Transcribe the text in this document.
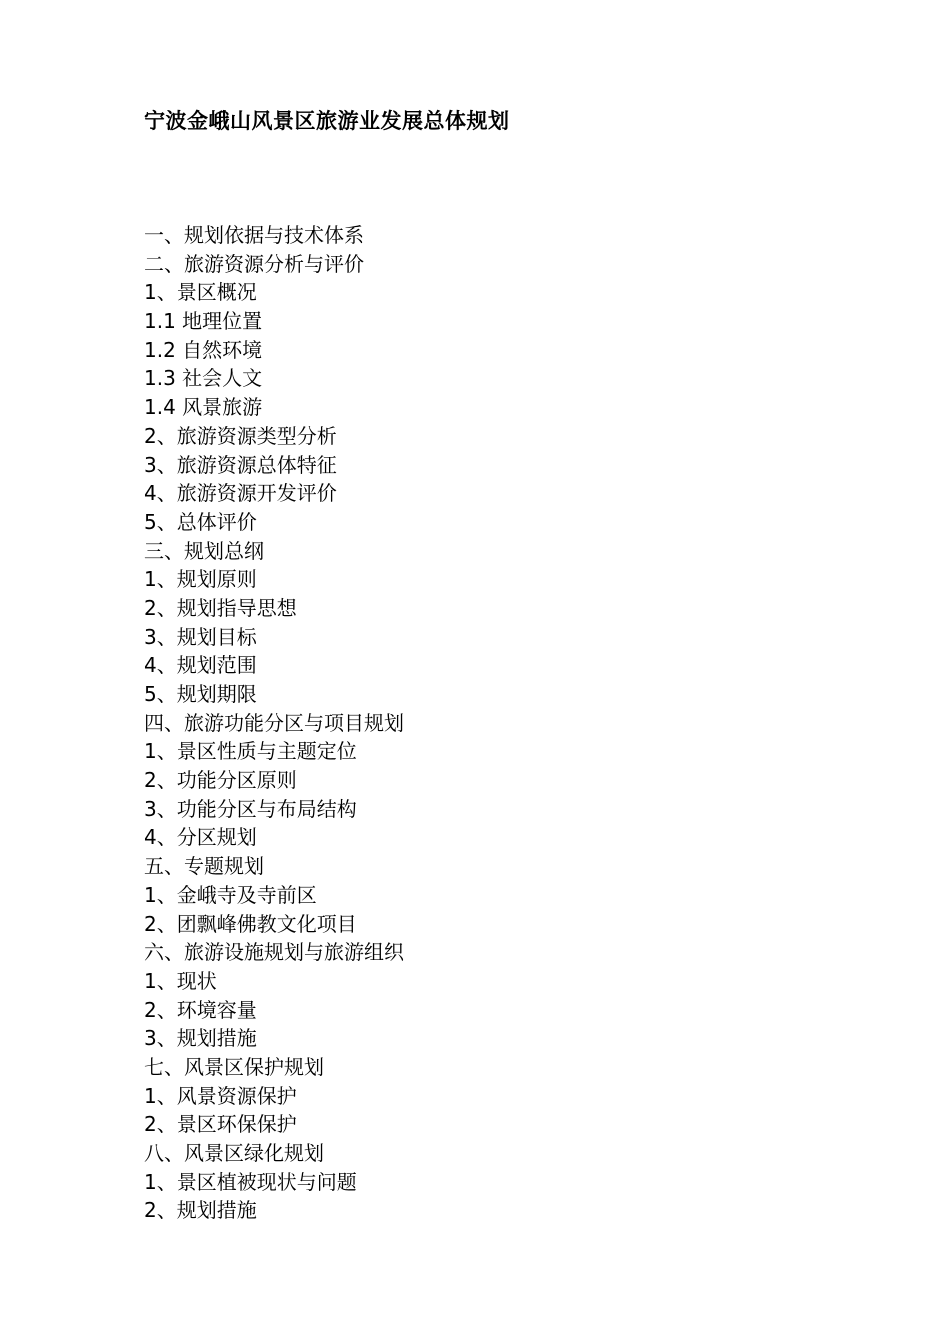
宁波金峨山风景区旅游业发展总体规划
一、规划依据与技术体系
二、旅游资源分析与评价
1、景区概况
1.1 地理位置
1.2 自然环境
1.3 社会人文
1.4 风景旅游
2、旅游资源类型分析
3、旅游资源总体特征
4、旅游资源开发评价
5、总体评价
三、规划总纲
1、规划原则
2、规划指导思想
3、规划目标
4、规划范围
5、规划期限
四、旅游功能分区与项目规划
1、景区性质与主题定位
2、功能分区原则
3、功能分区与布局结构
4、分区规划
五、专题规划
1、金峨寺及寺前区
2、团飘峰佛教文化项目
六、旅游设施规划与旅游组织
1、现状
2、环境容量
3、规划措施
七、风景区保护规划
1、风景资源保护
2、景区环保保护
八、风景区绿化规划
1、景区植被现状与问题
2、规划措施
